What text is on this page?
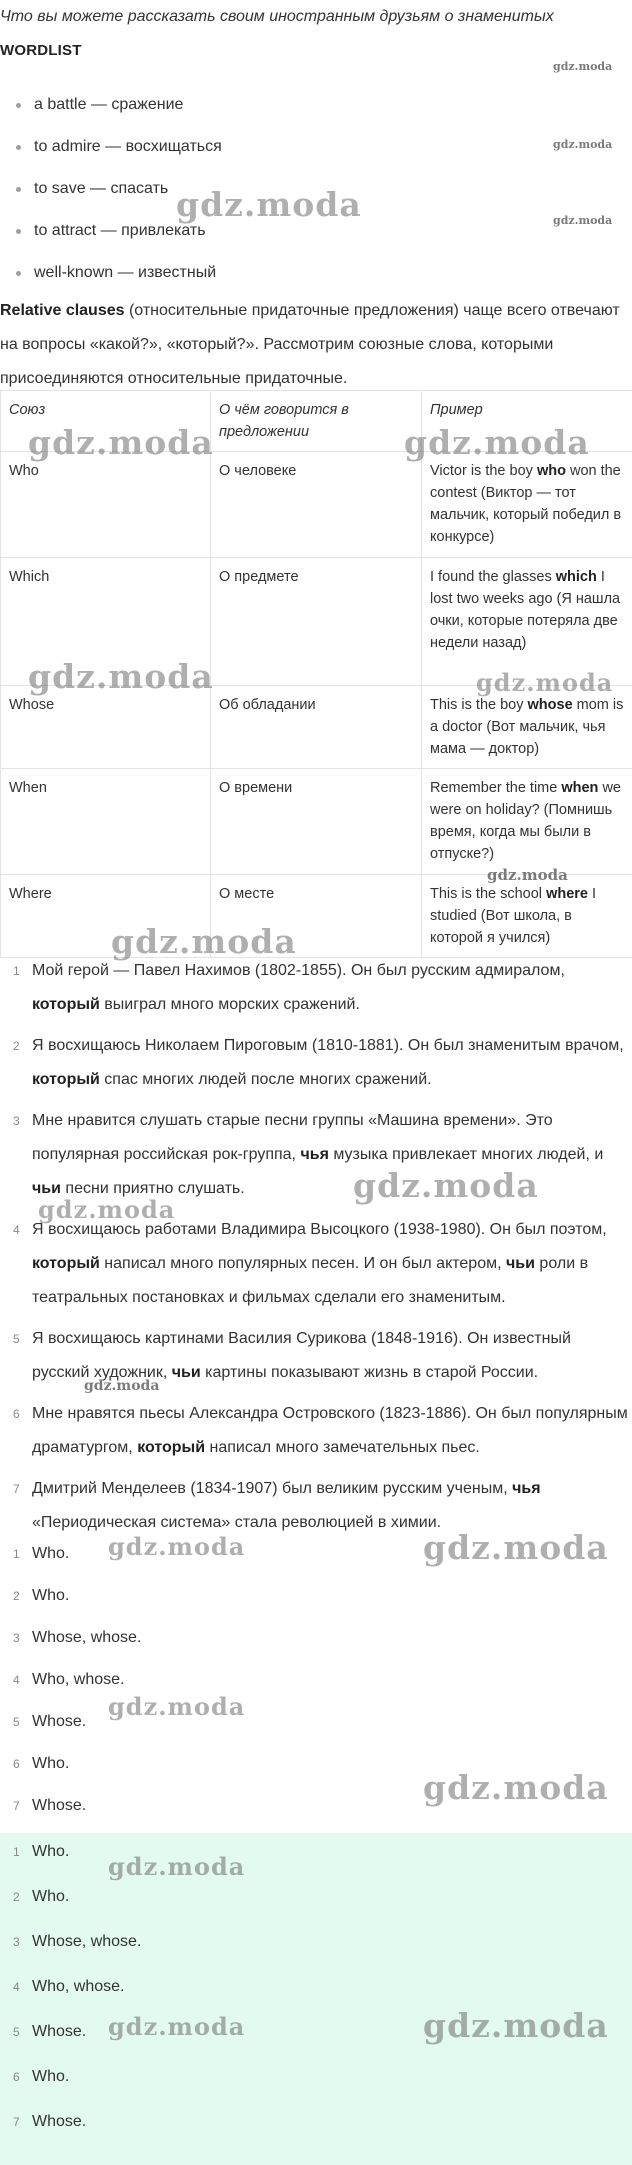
Что вы можете рассказать своим иностранным друзьям о знаменитых
WORDLIST
a battle — сражение
to admire — восхищаться
to save — спасать
to attract — привлекать
well-known — известный

Relative clauses (относительные придаточные предложения) чаще всего отвечают на вопросы «какой?», «который?». Рассмотрим союзные слова, которыми присоединяются относительные придаточные.

Союз	О чём говорится в предложении	Пример
Who	О человеке	Victor is the boy who won the contest (Виктор — тот мальчик, который победил в конкурсе)
Which	О предмете	I found the glasses which I lost two weeks ago (Я нашла очки, которые потеряла две недели назад)
Whose	Об обладании	This is the boy whose mom is a doctor (Вот мальчик, чья мама — доктор)
When	О времени	Remember the time when we were on holiday? (Помнишь время, когда мы были в отпуске?)
Where	О месте	This is the school where I studied (Вот школа, в которой я учился)
1 Мой герой — Павел Нахимов (1802-1855). Он был русским адмиралом, который выиграл много морских сражений.
2 Я восхищаюсь Николаем Пироговым (1810-1881). Он был знаменитым врачом, который спас многих людей после многих сражений.
3 Мне нравится слушать старые песни группы «Машина времени». Это популярная российская рок-группа, чья музыка привлекает многих людей, и чьи песни приятно слушать.
4 Я восхищаюсь работами Владимира Высоцкого (1938-1980). Он был поэтом, который написал много популярных песен. И он был актером, чьи роли в театральных постановках и фильмах сделали его знаменитым.
5 Я восхищаюсь картинами Василия Сурикова (1848-1916). Он известный русский художник, чьи картины показывают жизнь в старой России.
6 Мне нравятся пьесы Александра Островского (1823-1886). Он был популярным драматургом, который написал много замечательных пьес.
7 Дмитрий Менделеев (1834-1907) был великим русским ученым, чья «Периодическая система» стала революцией в химии.
1 Who.
2 Who.
3 Whose, whose.
4 Who, whose.
5 Whose.
6 Who.
7 Whose.
1 Who.
2 Who.
3 Whose, whose.
4 Who, whose.
5 Whose.
6 Who.
7 Whose.
gdz.moda
gdz.moda
gdz.moda
gdz.moda
gdz.moda	gdz.moda
gdz.moda	gdz.moda
gdz.moda
gdz.moda
gdz.moda
gdz.moda
gdz.moda
gdz.moda	gdz.moda
gdz.moda
gdz.moda
gdz.moda
gdz.moda	gdz.moda
